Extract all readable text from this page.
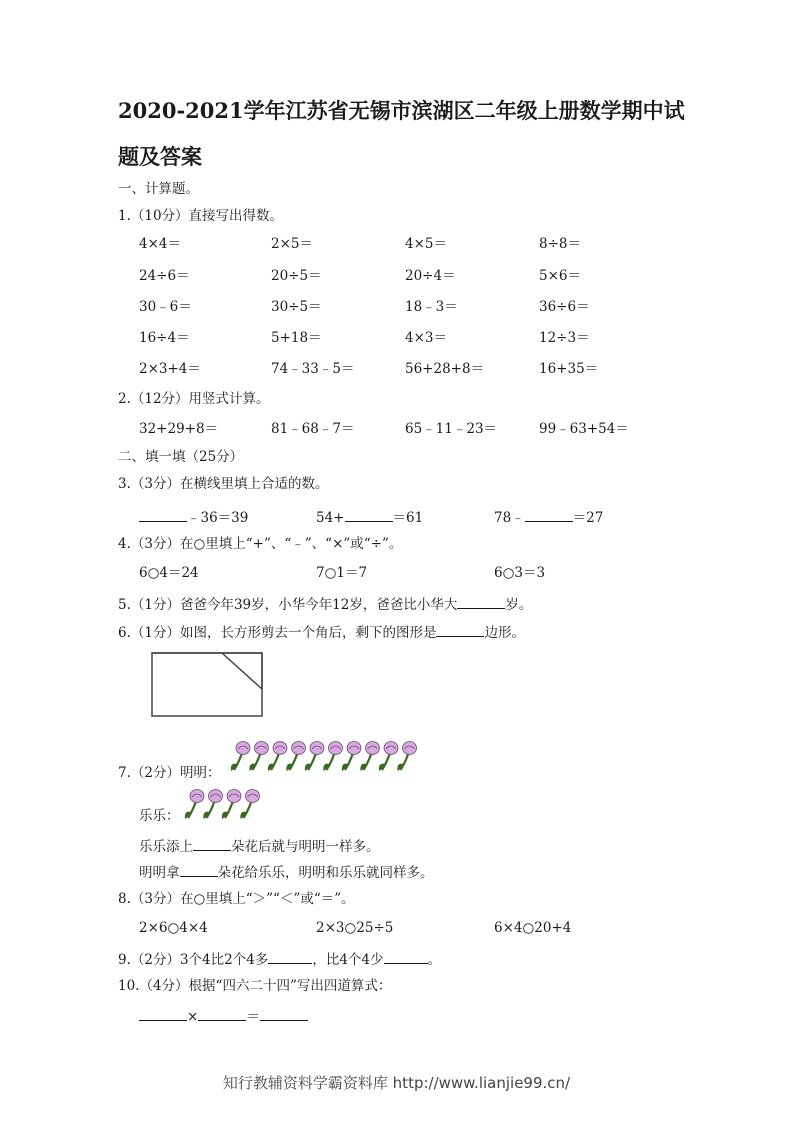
2020-2021学年江苏省无锡市滨湖区二年级上册数学期中试
题及答案
一、计算题。
1.（10分）直接写出得数。
4×4＝	2×5＝	4×5＝	8÷8＝
24÷6＝	20÷5＝	20÷4＝	5×6＝
30﹣6＝	30÷5＝	18﹣3＝	36÷6＝
16÷4＝	5+18＝	4×3＝	12÷3＝
2×3+4＝	74﹣33﹣5＝	56+28+8＝	16+35＝
2.（12分）用竖式计算。
32+29+8＝	81﹣68﹣7＝	65﹣11﹣23＝	99﹣63+54＝
二、填一填（25分）
3.（3分）在横线里填上合适的数。
﹣36＝39	54+	＝61	78﹣	＝27
4.（3分）在○里填上“+”、“﹣”、“×”或“÷”。
6○4＝24	7○1＝7	6○3＝3
5.（1分）爸爸今年39岁，小华今年12岁，爸爸比小华大	岁。
6.（1分）如图，长方形剪去一个角后，剩下的图形是	边形。
7.（2分）明明：
乐乐：
乐乐添上	朵花后就与明明一样多。
明明拿	朵花给乐乐，明明和乐乐就同样多。
8.（3分）在○里填上“＞”“＜”或“＝”。
2×6○4×4	2×3○25÷5	6×4○20+4
9.（2分）3个4比2个4多	，比4个4少	。
10.（4分）根据“四六二十四”写出四道算式：
×	＝
知行教辅资料学霸资料库 http://www.lianjie99.cn/
